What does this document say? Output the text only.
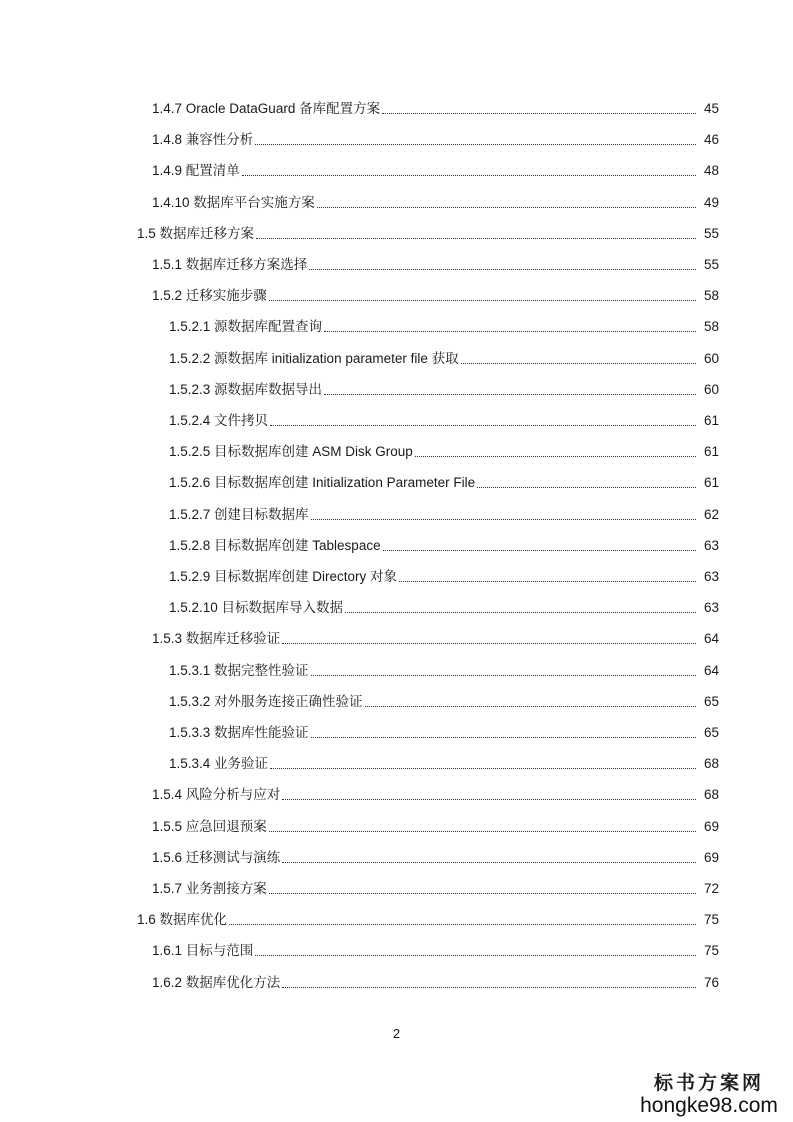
1.4.7 Oracle DataGuard 备库配置方案	45
1.4.8 兼容性分析	46
1.4.9 配置清单	48
1.4.10 数据库平台实施方案	49
1.5 数据库迁移方案	55
1.5.1 数据库迁移方案选择	55
1.5.2 迁移实施步骤	58
1.5.2.1 源数据库配置查询	58
1.5.2.2 源数据库 initialization parameter file 获取	60
1.5.2.3 源数据库数据导出	60
1.5.2.4 文件拷贝	61
1.5.2.5 目标数据库创建 ASM Disk Group	61
1.5.2.6 目标数据库创建 Initialization Parameter File	61
1.5.2.7 创建目标数据库	62
1.5.2.8 目标数据库创建 Tablespace	63
1.5.2.9 目标数据库创建 Directory 对象	63
1.5.2.10 目标数据库导入数据	63
1.5.3 数据库迁移验证	64
1.5.3.1 数据完整性验证	64
1.5.3.2 对外服务连接正确性验证	65
1.5.3.3 数据库性能验证	65
1.5.3.4 业务验证	68
1.5.4 风险分析与应对	68
1.5.5 应急回退预案	69
1.5.6 迁移测试与演练	69
1.5.7 业务割接方案	72
1.6 数据库优化	75
1.6.1 目标与范围	75
1.6.2 数据库优化方法	76
2
标书方案网
hongke98.com
